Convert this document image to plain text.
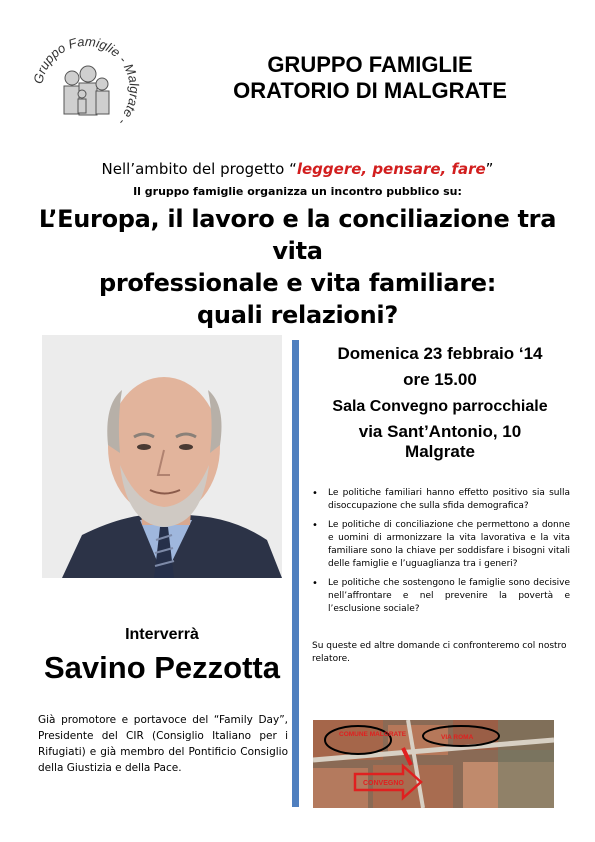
Gruppo Famiglie - Malgrate -
GRUPPO FAMIGLIE
ORATORIO DI MALGRATE
Nell’ambito del progetto “leggere, pensare, fare”
Il gruppo famiglie organizza un incontro pubblico su:
L’Europa, il lavoro e la conciliazione tra vita
professionale e vita familiare:
quali relazioni?
Interverrà
Savino Pezzotta
Già promotore e portavoce del “Family Day”, Presidente del CIR (Consiglio Italiano per i Rifugiati) e già membro del Pontificio Consiglio della Giustizia e della Pace.
Domenica 23 febbraio ‘14
ore 15.00
Sala Convegno parrocchiale
via Sant’Antonio, 10
Malgrate
• Le politiche familiari hanno effetto positivo sia sulla disoccupazione che sulla sfida demografica?
• Le politiche di conciliazione che permettono a donne e uomini di armonizzare la vita lavorativa e la vita familiare sono la chiave per soddisfare i bisogni vitali delle famiglie e l’uguaglianza tra i generi?
• Le politiche che sostengono le famiglie sono decisive nell’affrontare e nel prevenire la povertà e l’esclusione sociale?
Su queste ed altre domande ci confronteremo col nostro relatore.
COMUNE MALGRATE	VIA ROMA
CONVEGNO
